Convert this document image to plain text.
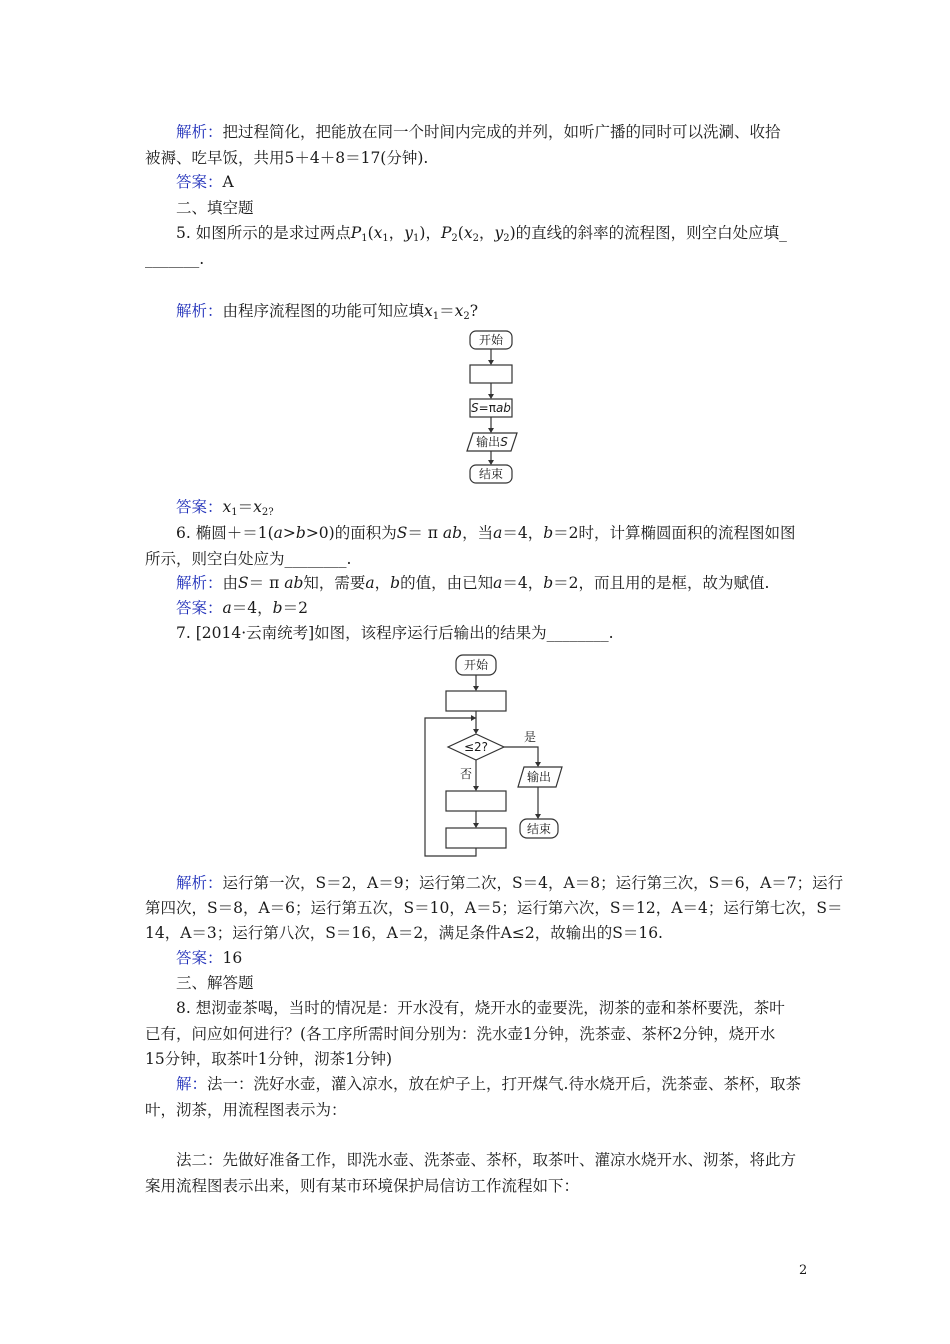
解析：把过程简化，把能放在同一个时间内完成的并列，如听广播的同时可以洗涮、收拾
被褥、吃早饭，共用5＋4＋8＝17(分钟).
答案：A
二、填空题
5. 如图所示的是求过两点$P_1(x_1$，$y_1$)，$P_2(x_2$，$y_2$)的直线的斜率的流程图，则空白处应填_
_______.
解析：由程序流程图的功能可知应填$x_1=x_2$?
开始
S=πab
输出S
结束
答案：$x_1=x_{2?}$
6. 椭圆＋＝1(a>b>0)的面积为S＝ π ab，当a＝4，b＝2时，计算椭圆面积的流程图如图
所示，则空白处应为________.
解析：由S＝ π ab知，需要a，b的值，由已知a＝4，b＝2，而且用的是框，故为赋值.
答案：a＝4，b＝2
7. [2014·云南统考]如图，该程序运行后输出的结果为________.
开始
≤2?
是
输出
结束
否
解析：运行第一次，S＝2，A＝9；运行第二次，S＝4，A＝8；运行第三次，S＝6，A＝7；运行
第四次，S＝8，A＝6；运行第五次，S＝10，A＝5；运行第六次，S＝12，A＝4；运行第七次，S＝
14，A＝3；运行第八次，S＝16，A＝2，满足条件A≤2，故输出的S＝16.
答案：16
三、解答题
8. 想沏壶茶喝，当时的情况是：开水没有，烧开水的壶要洗，沏茶的壶和茶杯要洗，茶叶
已有，问应如何进行？(各工序所需时间分别为：洗水壶1分钟，洗茶壶、茶杯2分钟，烧开水
15分钟，取茶叶1分钟，沏茶1分钟)
解：法一：洗好水壶，灌入凉水，放在炉子上，打开煤气.待水烧开后，洗茶壶、茶杯，取茶
叶，沏茶，用流程图表示为：
法二：先做好准备工作，即洗水壶、洗茶壶、茶杯，取茶叶、灌凉水烧开水、沏茶，将此方
案用流程图表示出来，则有某市环境保护局信访工作流程如下：
2
